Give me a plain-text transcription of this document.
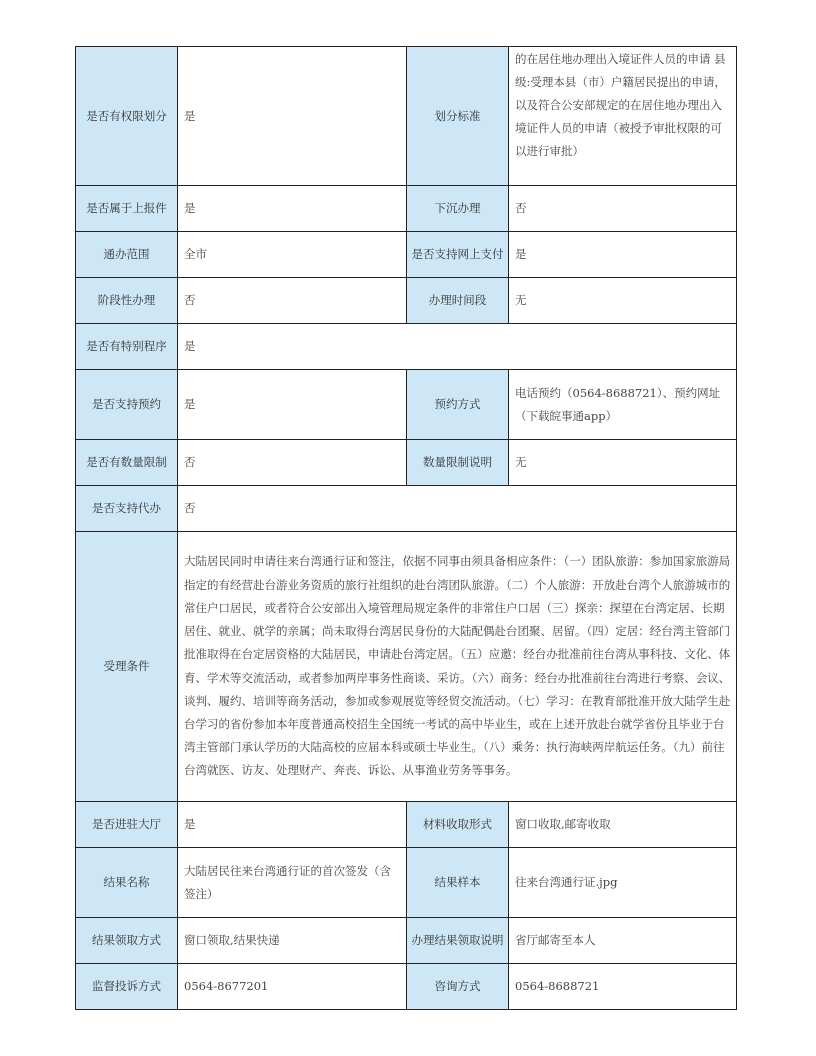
是否有权限划分	是	划分标准	的在居住地办理出入境证件人员的申请 县级:受理本县（市）户籍居民提出的申请，以及符合公安部规定的在居住地办理出入境证件人员的申请（被授予审批权限的可以进行审批）
是否属于上报件	是	下沉办理	否
通办范围	全市	是否支持网上支付	是
阶段性办理	否	办理时间段	无
是否有特别程序	是		
是否支持预约	是	预约方式	电话预约（0564-8688721）、预约网址（下载皖事通app）
是否有数量限制	否	数量限制说明	无
是否支持代办	否		
受理条件	大陆居民同时申请往来台湾通行证和签注，依据不同事由须具备相应条件：（一）团队旅游：参加国家旅游局指定的有经营赴台游业务资质的旅行社组织的赴台湾团队旅游。（二）个人旅游：开放赴台湾个人旅游城市的常住户口居民，或者符合公安部出入境管理局规定条件的非常住户口居（三）探亲：探望在台湾定居、长期居住、就业、就学的亲属；尚未取得台湾居民身份的大陆配偶赴台团聚、居留。（四）定居：经台湾主管部门批准取得在台定居资格的大陆居民，申请赴台湾定居。（五）应邀：经台办批准前往台湾从事科技、文化、体育、学术等交流活动，或者参加两岸事务性商谈、采访。（六）商务：经台办批准前往台湾进行考察、会议、谈判、履约、培训等商务活动，参加或参观展览等经贸交流活动。（七）学习：在教育部批准开放大陆学生赴台学习的省份参加本年度普通高校招生全国统一考试的高中毕业生，或在上述开放赴台就学省份且毕业于台湾主管部门承认学历的大陆高校的应届本科或硕士毕业生。（八）乘务：执行海峡两岸航运任务。（九）前往台湾就医、访友、处理财产、奔丧、诉讼、从事渔业劳务等事务。		
是否进驻大厅	是	材料收取形式	窗口收取,邮寄收取
结果名称	大陆居民往来台湾通行证的首次签发（含签注）	结果样本	往来台湾通行证.jpg
结果领取方式	窗口领取,结果快递	办理结果领取说明	省厅邮寄至本人
监督投诉方式	0564-8677201	咨询方式	0564-8688721
